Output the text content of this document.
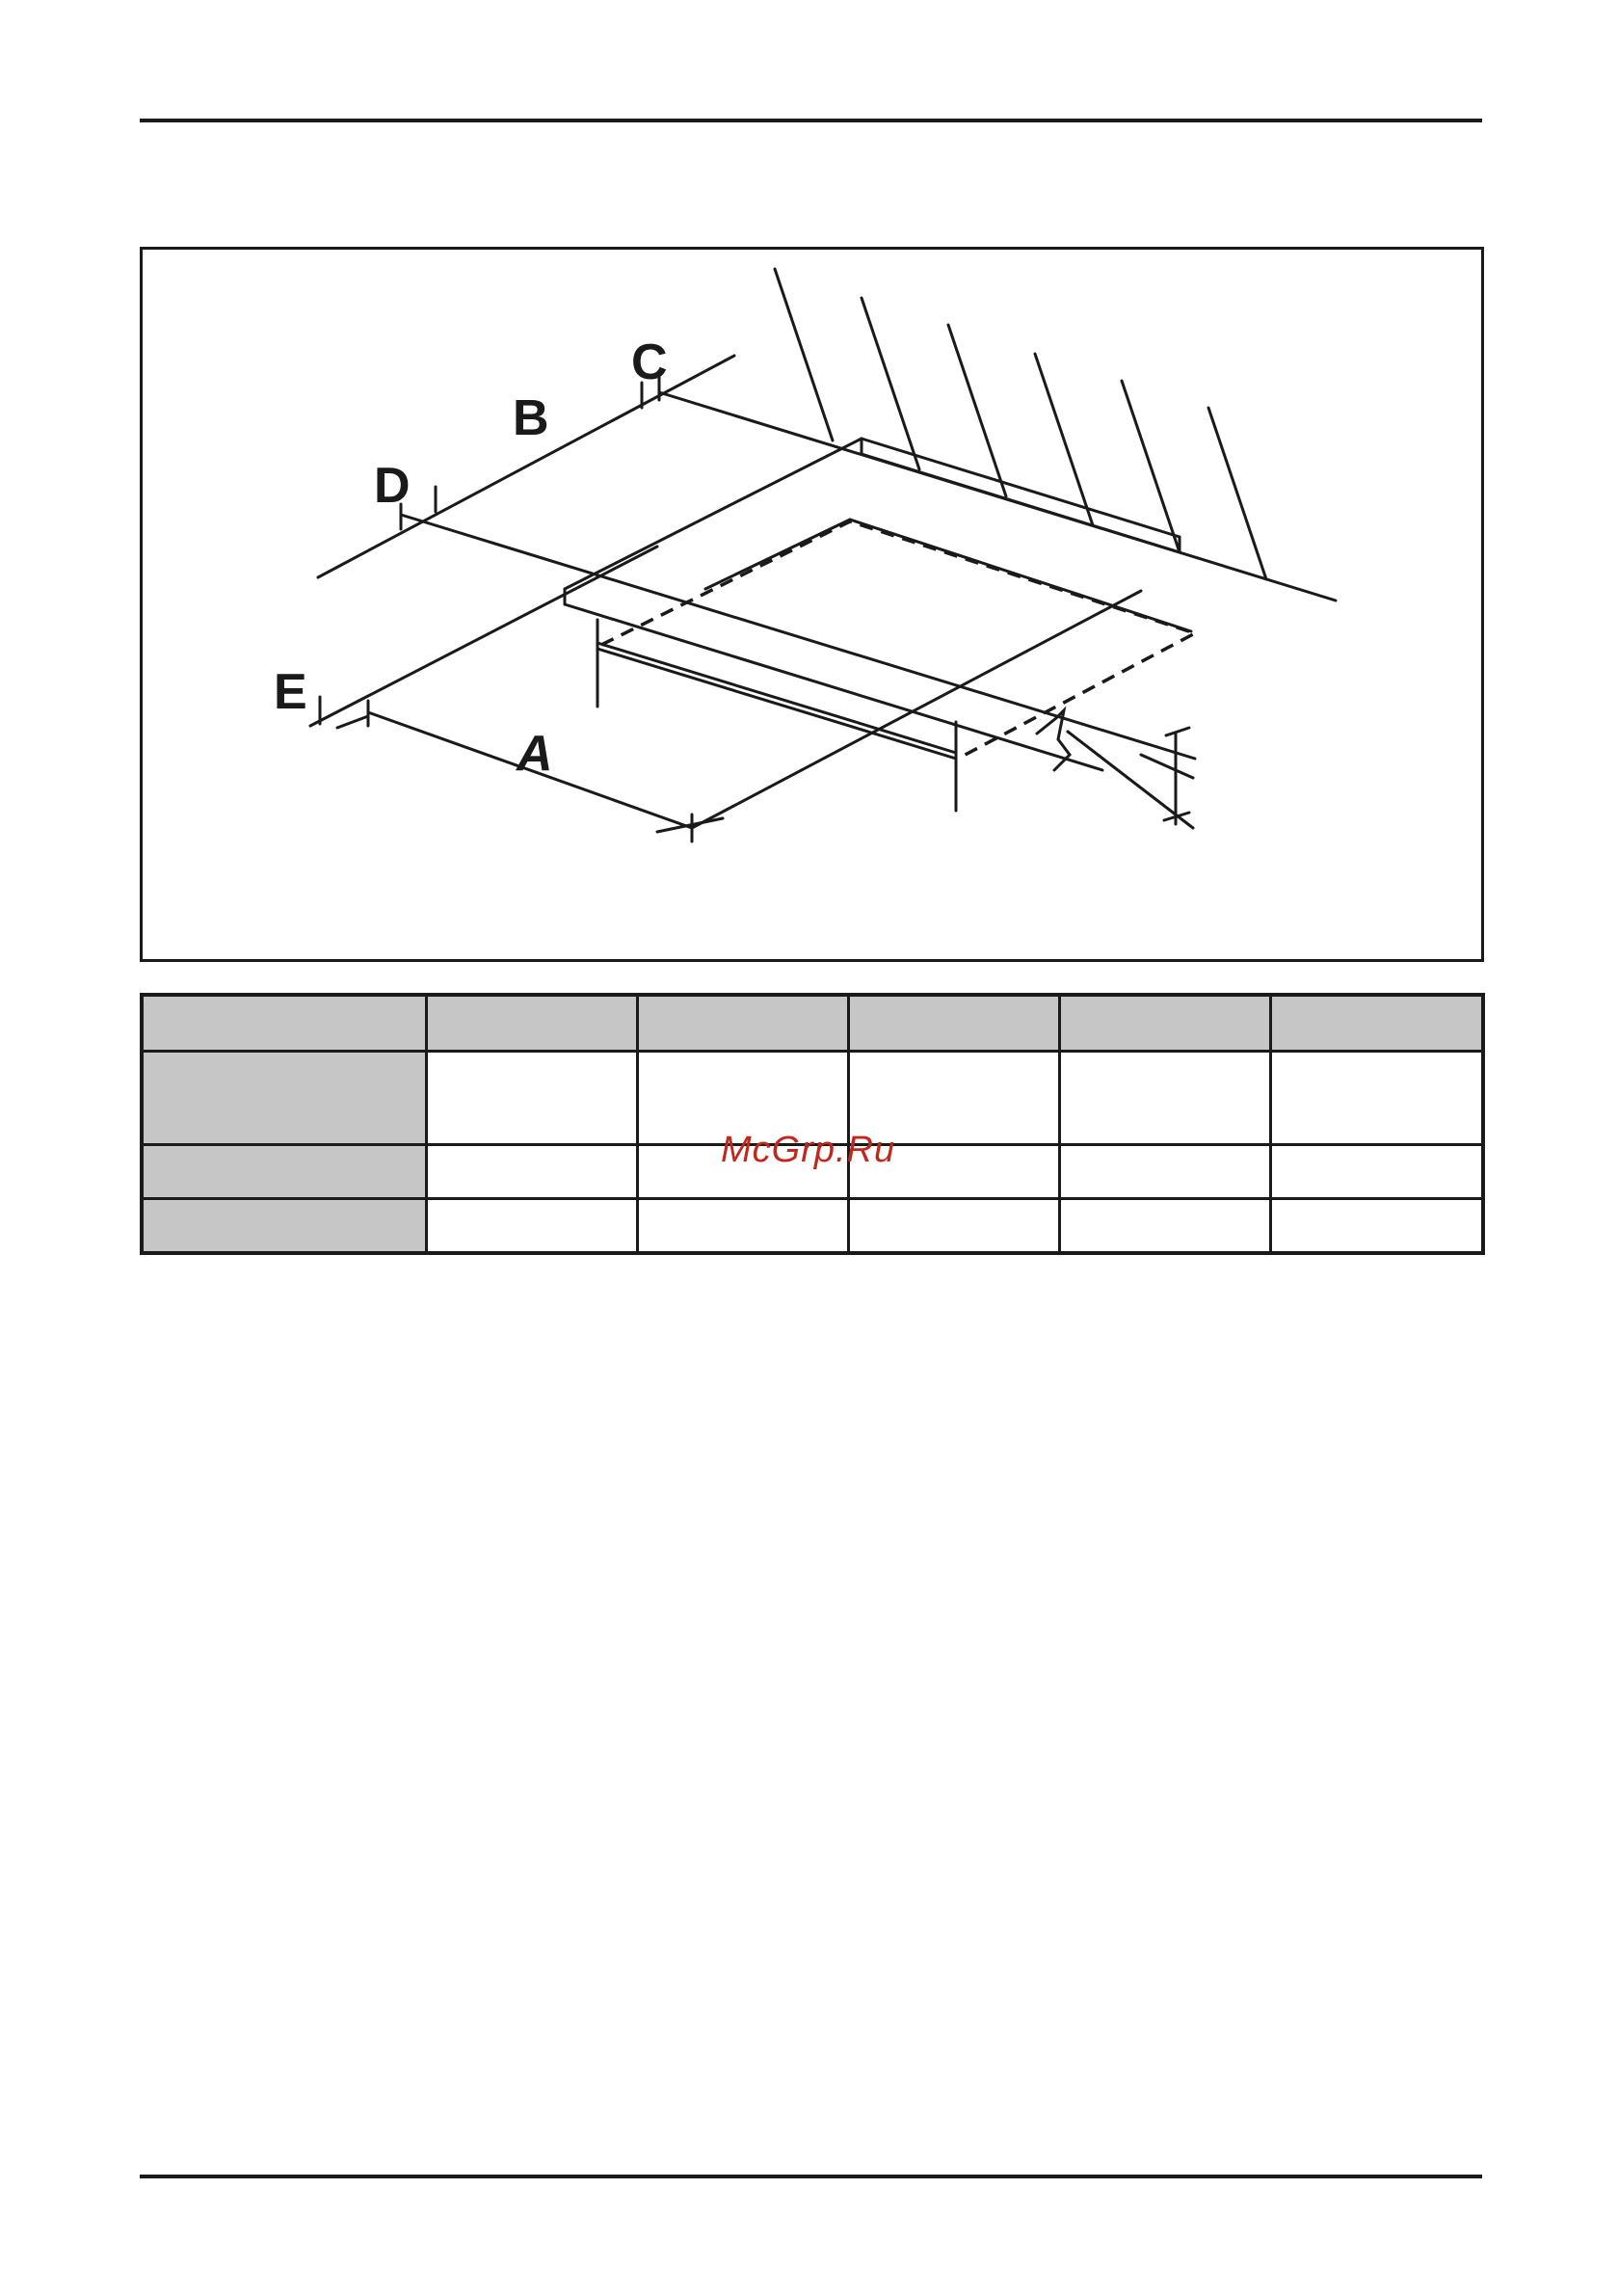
C
B
D
E
A

McGrp.Ru
